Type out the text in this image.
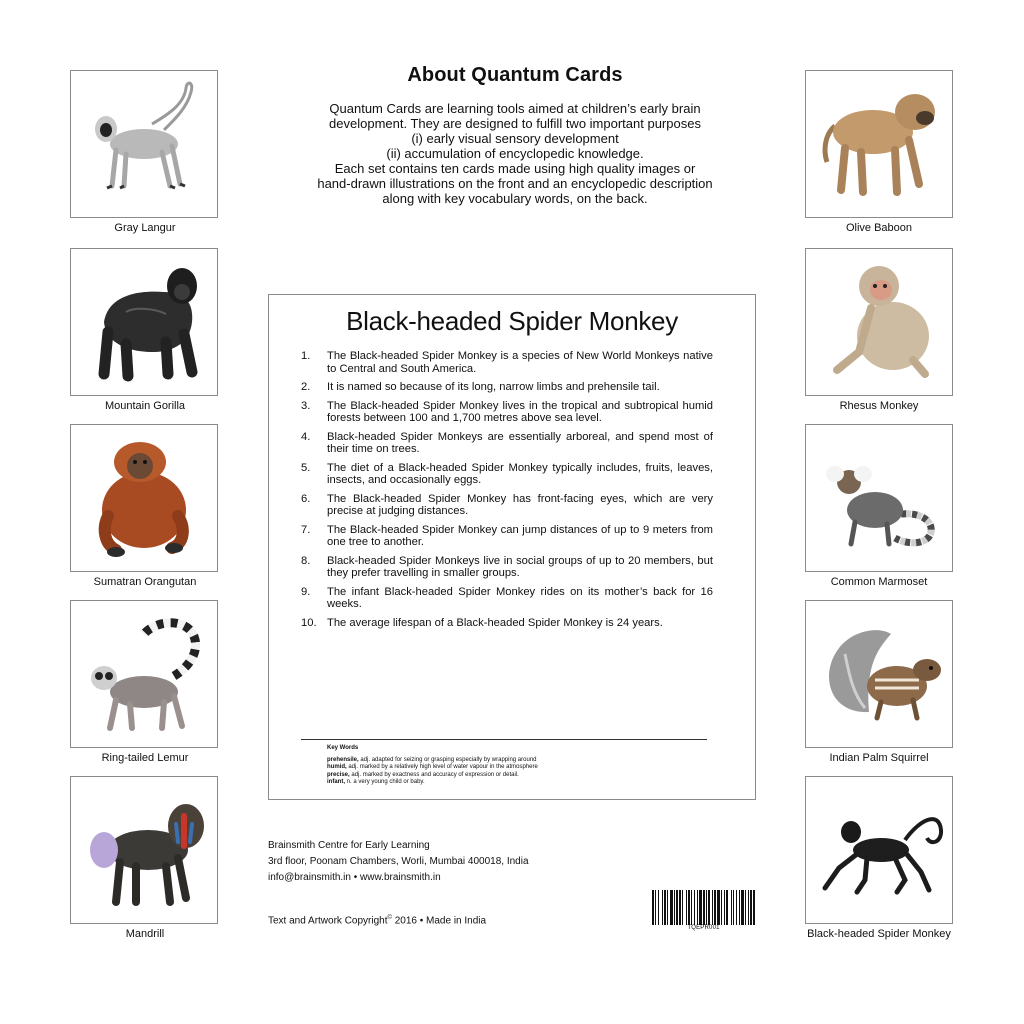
Gray Langur
Mountain Gorilla
Sumatran Orangutan
Ring-tailed Lemur
Mandrill
Olive Baboon
Rhesus Monkey
Common Marmoset
Indian Palm Squirrel
Black-headed Spider Monkey
About Quantum Cards
Quantum Cards are learning tools aimed at children’s early brain
development. They are designed to fulfill two important purposes
(i) early visual sensory development
(ii) accumulation of encyclopedic knowledge.
Each set contains ten cards made using high quality images or
hand-drawn illustrations on the front and an encyclopedic description
along with key vocabulary words, on the back.
Black-headed Spider Monkey
1.	The Black-headed Spider Monkey is a species of New World Monkeys native to Central and South America.
2.	It is named so because of its long, narrow limbs and prehensile tail.
3.	The Black-headed Spider Monkey lives in the tropical and subtropical humid forests between 100 and 1,700 metres above sea level.
4.	Black-headed Spider Monkeys are essentially arboreal, and spend most of their time on trees.
5.	The diet of a Black-headed Spider Monkey typically includes, fruits, leaves, insects, and occasionally eggs.
6.	The Black-headed Spider Monkey has front-facing eyes, which are very precise at judging distances.
7.	The Black-headed Spider Monkey can jump distances of up to 9 meters from one tree to another.
8.	Black-headed Spider Monkeys live in social groups of up to 20 members, but they prefer travelling in smaller groups.
9.	The infant Black-headed Spider Monkey rides on its mother’s back for 16 weeks.
10. The average lifespan of a Black-headed Spider Monkey is 24 years.
Key Words
prehensile, adj. adapted for seizing or grasping especially by wrapping around
humid, adj. marked by a relatively high level of water vapour in the atmosphere
precise, adj. marked by exactness and accuracy of expression or detail.
infant, n. a very young child or baby.
Brainsmith Centre for Early Learning
3rd floor, Poonam Chambers, Worli, Mumbai 400018, India
info@brainsmith.in • www.brainsmith.in
Text and Artwork Copyright© 2016 • Made in India
TQEPR001
